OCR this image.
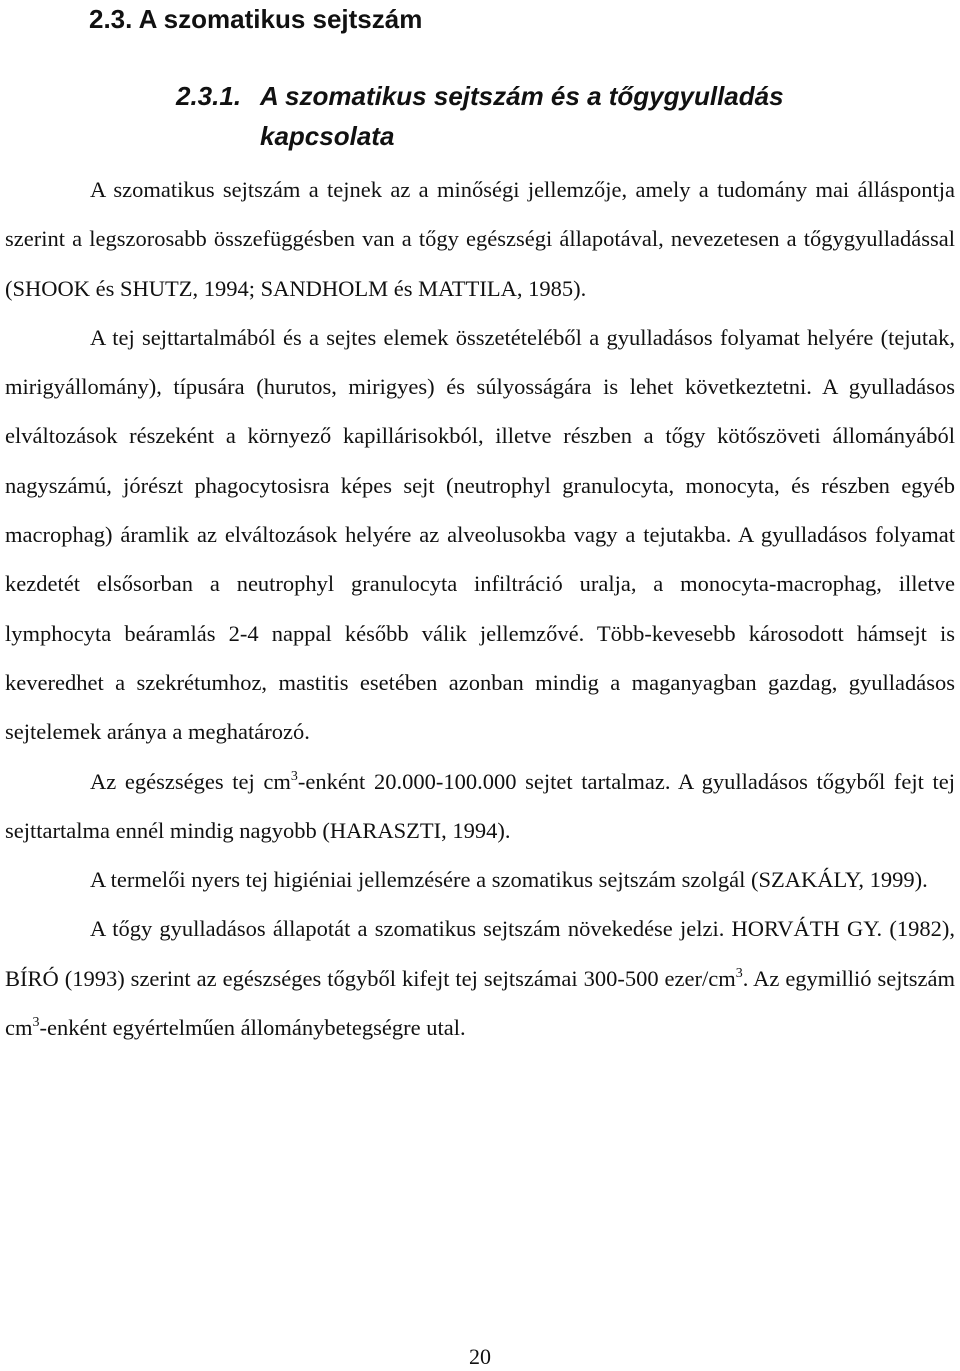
2.3. A szomatikus sejtszám
2.3.1. A szomatikus sejtszám és a tőgygyulladás
kapcsolata

A szomatikus sejtszám a tejnek az a minőségi jellemzője, amely a tudomány mai álláspontja szerint a legszorosabb összefüggésben van a tőgy egészségi állapotával, nevezetesen a tőgygyulladással (SHOOK és SHUTZ, 1994; SANDHOLM és MATTILA, 1985).

A tej sejttartalmából és a sejtes elemek összetételéből a gyulladásos folyamat helyére (tejutak, mirigyállomány), típusára (hurutos, mirigyes) és súlyosságára is lehet következtetni. A gyulladásos elváltozások részeként a környező kapillárisokból, illetve részben a tőgy kötőszöveti állományából nagyszámú, jórészt phagocytosisra képes sejt (neutrophyl granulocyta, monocyta, és részben egyéb macrophag) áramlik az elváltozások helyére az alveolusokba vagy a tejutakba. A gyulladásos folyamat kezdetét elsősorban a neutrophyl granulocyta infiltráció uralja, a monocyta-macrophag, illetve lymphocyta beáramlás 2-4 nappal később válik jellemzővé. Több-kevesebb károsodott hámsejt is keveredhet a szekrétumhoz, mastitis esetében azonban mindig a maganyagban gazdag, gyulladásos sejtelemek aránya a meghatározó.

Az egészséges tej $cm^3$-enként 20.000-100.000 sejtet tartalmaz. A gyulladásos tőgyből fejt tej sejttartalma ennél mindig nagyobb (HARASZTI, 1994).

A termelői nyers tej higiéniai jellemzésére a szomatikus sejtszám szolgál (SZAKÁLY, 1999).

A tőgy gyulladásos állapotát a szomatikus sejtszám növekedése jelzi. HORVÁTH GY. (1982), BÍRÓ (1993) szerint az egészséges tőgyből kifejt tej sejtszámai 300-500 ezer/$cm^3$. Az egymillió sejtszám $cm^3$-enként egyértelműen állománybetegségre utal.

20
